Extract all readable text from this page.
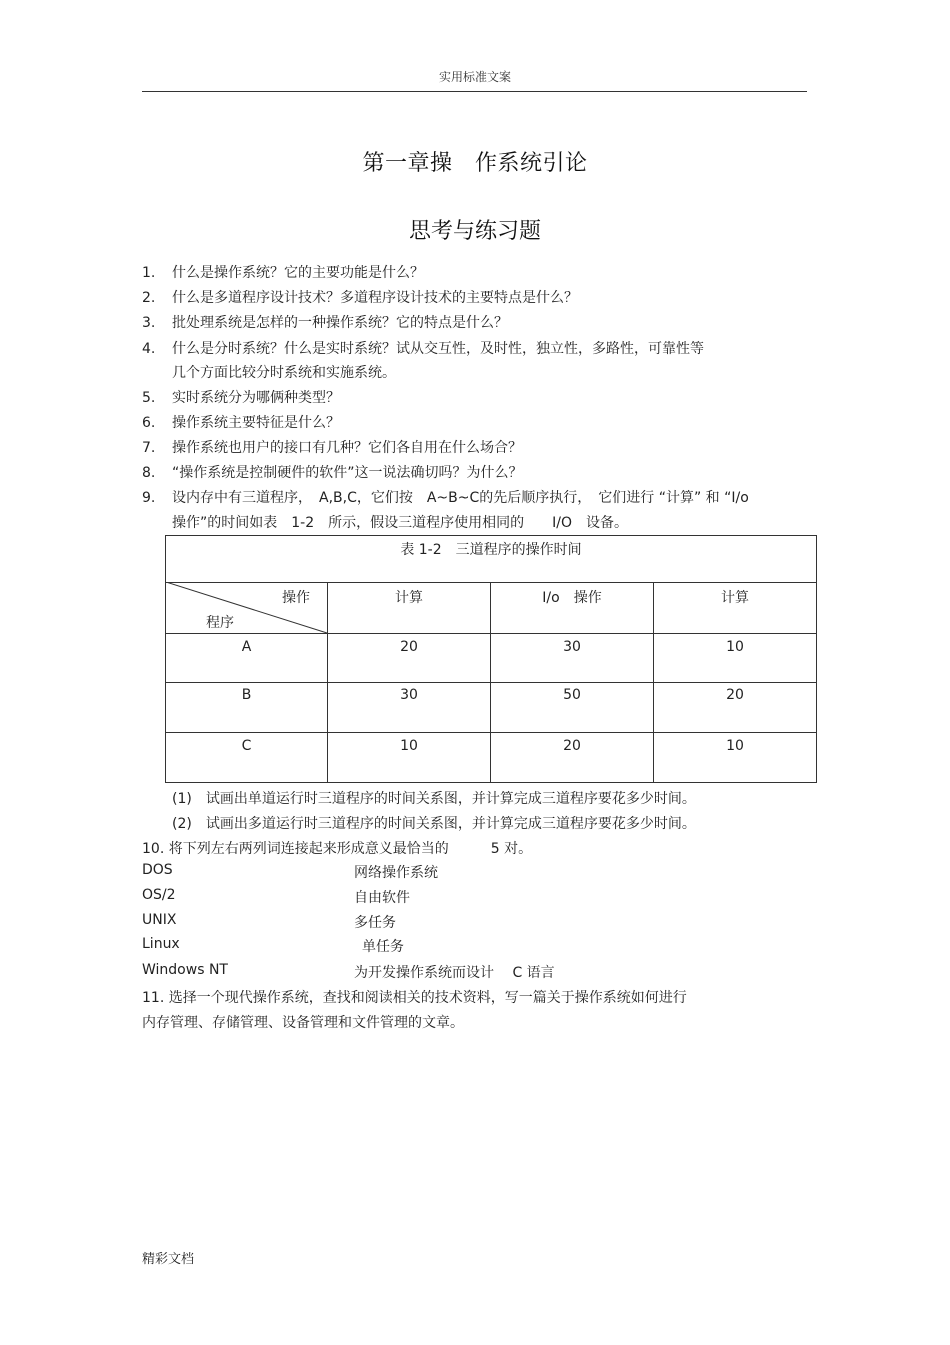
实用标准文案
第一章操　作系统引论
思考与练习题
1. 什么是操作系统？它的主要功能是什么？
2. 什么是多道程序设计技术？多道程序设计技术的主要特点是什么？
3. 批处理系统是怎样的一种操作系统？它的特点是什么？
4. 什么是分时系统？什么是实时系统？试从交互性，及时性，独立性，多路性，可靠性等
几个方面比较分时系统和实施系统。
5. 实时系统分为哪俩种类型？
6. 操作系统主要特征是什么？
7. 操作系统也用户的接口有几种？它们各自用在什么场合？
8. “操作系统是控制硬件的软件”这一说法确切吗？为什么？
9. 设内存中有三道程序，　A,B,C，它们按　A~B~C的先后顺序执行，　它们进行 “计算” 和 “I/o
操作”的时间如表　1-2　所示，假设三道程序使用相同的　　I/O　设备。
表 1-2　三道程序的操作时间
操作
程序
计算	I/o　操作	计算
A	20	30	10
B	30	50	20
C	10	20	10
(1)　试画出单道运行时三道程序的时间关系图，并计算完成三道程序要花多少时间。
(2)　试画出多道运行时三道程序的时间关系图，并计算完成三道程序要花多少时间。
10. 将下列左右两列词连接起来形成意义最恰当的　　　5 对。
DOS	网络操作系统
OS/2	自由软件
UNIX	多任务
Linux	单任务
Windows NT	为开发操作系统而设计　 C 语言
11. 选择一个现代操作系统，查找和阅读相关的技术资料，写一篇关于操作系统如何进行
内存管理、存储管理、设备管理和文件管理的文章。
精彩文档
